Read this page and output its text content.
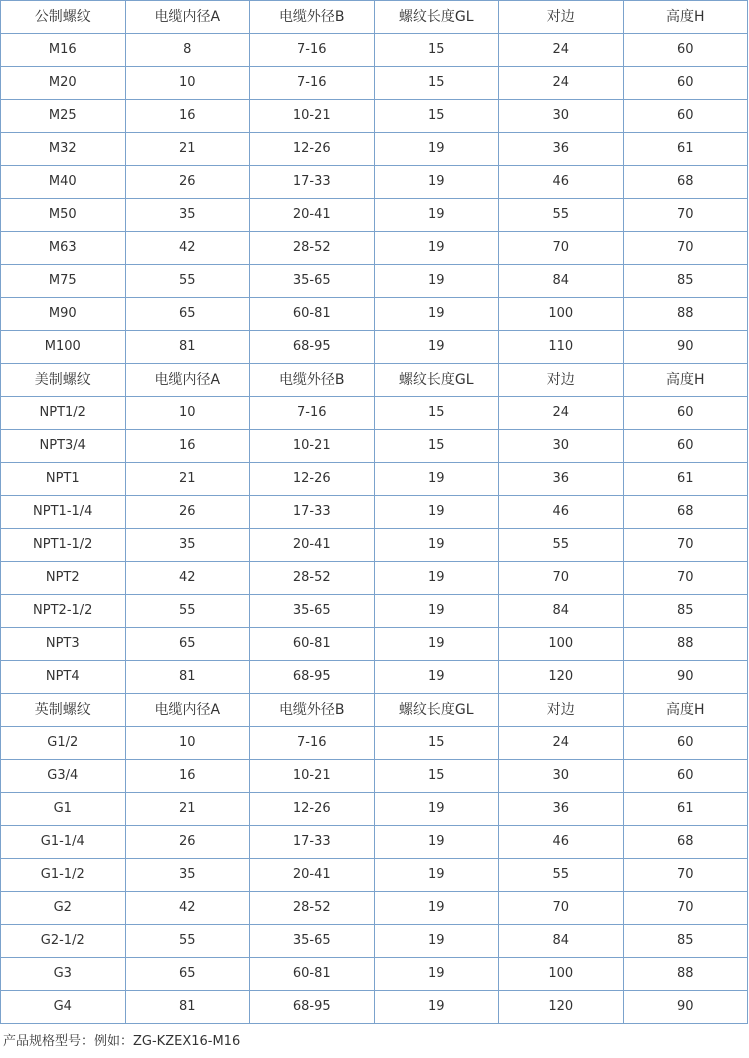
公制螺纹	电缆内径A	电缆外径B	螺纹长度GL	对边	高度H
M16	8	7-16	15	24	60
M20	10	7-16	15	24	60
M25	16	10-21	15	30	60
M32	21	12-26	19	36	61
M40	26	17-33	19	46	68
M50	35	20-41	19	55	70
M63	42	28-52	19	70	70
M75	55	35-65	19	84	85
M90	65	60-81	19	100	88
M100	81	68-95	19	110	90
美制螺纹	电缆内径A	电缆外径B	螺纹长度GL	对边	高度H
NPT1/2	10	7-16	15	24	60
NPT3/4	16	10-21	15	30	60
NPT1	21	12-26	19	36	61
NPT1-1/4	26	17-33	19	46	68
NPT1-1/2	35	20-41	19	55	70
NPT2	42	28-52	19	70	70
NPT2-1/2	55	35-65	19	84	85
NPT3	65	60-81	19	100	88
NPT4	81	68-95	19	120	90
英制螺纹	电缆内径A	电缆外径B	螺纹长度GL	对边	高度H
G1/2	10	7-16	15	24	60
G3/4	16	10-21	15	30	60
G1	21	12-26	19	36	61
G1-1/4	26	17-33	19	46	68
G1-1/2	35	20-41	19	55	70
G2	42	28-52	19	70	70
G2-1/2	55	35-65	19	84	85
G3	65	60-81	19	100	88
G4	81	68-95	19	120	90
产品规格型号：例如：ZG-KZEX16-M16
